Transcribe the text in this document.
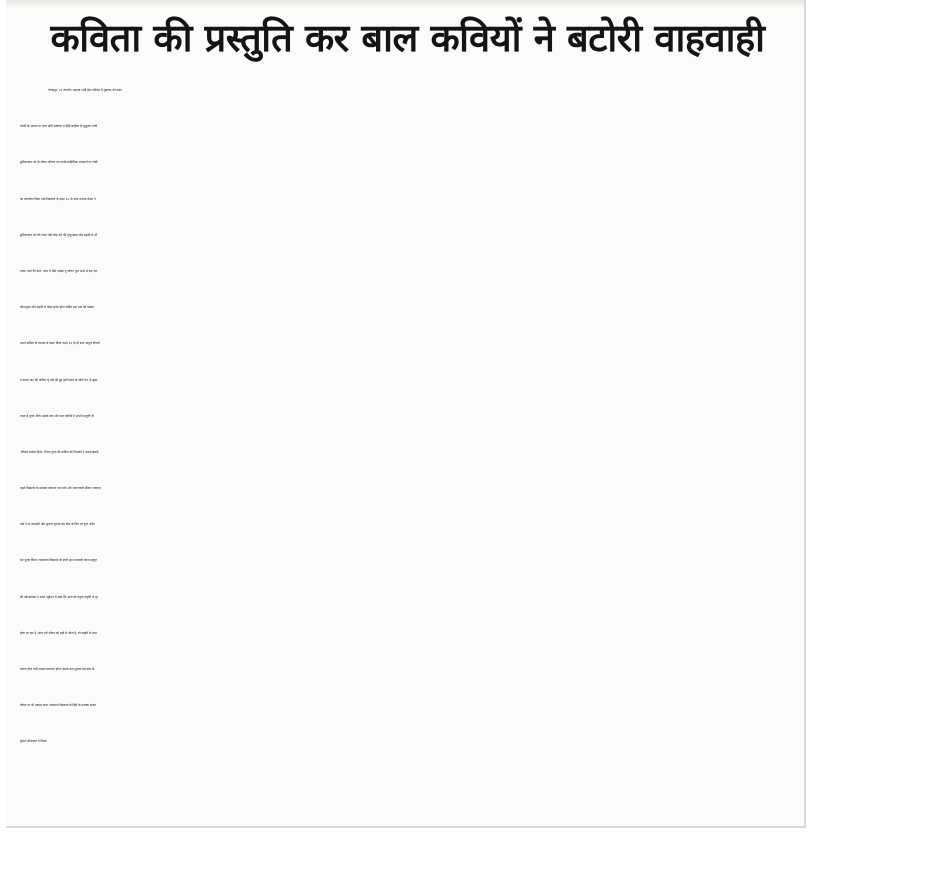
कविता की प्रस्तुति कर बाल कवियों ने बटोरी वाहवाही
गोरखपुर, २३ जनवरी। महात्मा गांधी इंटर कॉलेज में शुक्रवार को बसंत
पंचमी के अवसर पर बाल कवि सम्मेलन व हिंदी साहित्य के सुकुमार कवि
सुमित्रानंदन पंत के जीवन परिचय एवं उनके साहित्यिक अवदानों पर गोष्ठी
का आयोजन किया गया।विद्यालय के कक्षा 11 के छात्र शशांक शेखर ने
सुमित्रानंदन पंत की रचना पढ़ी छोड़ धर्म की मृत्यु छाया तोड़ प्रकृति से भी
माया। बाले तेरे बाल- जाल में कैसे उलझा दूं लोचन भूल अभी से इस जग
को।मनुष्य और प्रकृति से कैसा संबंध होना चाहिए इस भाव को पढ़कर
अपने कविता के माध्यम से प्रकट किया कक्षा 11 के ही छात्र आयुष तिवारी
ने बादल पाठ की कविता यूं पढ़ी की द्रुत झरों जगत के जीर्ण पत्र ,हे सुस्त-
ध्वस्त हे शुष्क शीर्ण। इसके बाद और बाल कवियों ने अपनी प्रस्तुति दी
,जिसमें सार्थक मिश्रा, शिवम गुप्ता की कविता को शिक्षकों ने सराहा।इसके
पहले विद्यालय के प्रबंधक मकेश्वर नाथ पांडे और प्रधानाचार्य डॉक्टर रामनाथ
वर्मा ने मां सरस्वती और सुभाष सुभाष चंद्र बोस के चित्र पर पुष्प अर्चन
कर पूजन किया। तत्पश्चात विद्यालय के छात्रों द्वारा सरस्वती वंदना प्रस्तुत
की गई।प्रबंधक ने अपने उद्बोधन में कहा कि आज का मनुष्य प्रकृति से दूर
होता जा रहा है ।अगर हमें जीवन को सही से जीना है, तो प्रकृति के साथ
चलना होगा तभी सबका कल्याण होगा। इसके बाद सुभाष चंद्र बोस के
जीवन पर भी प्रकाश डाला ।संचालन विद्यालय के हिंदी के प्रवक्ता संजय
कुमार श्रीवास्तव ने किया।
